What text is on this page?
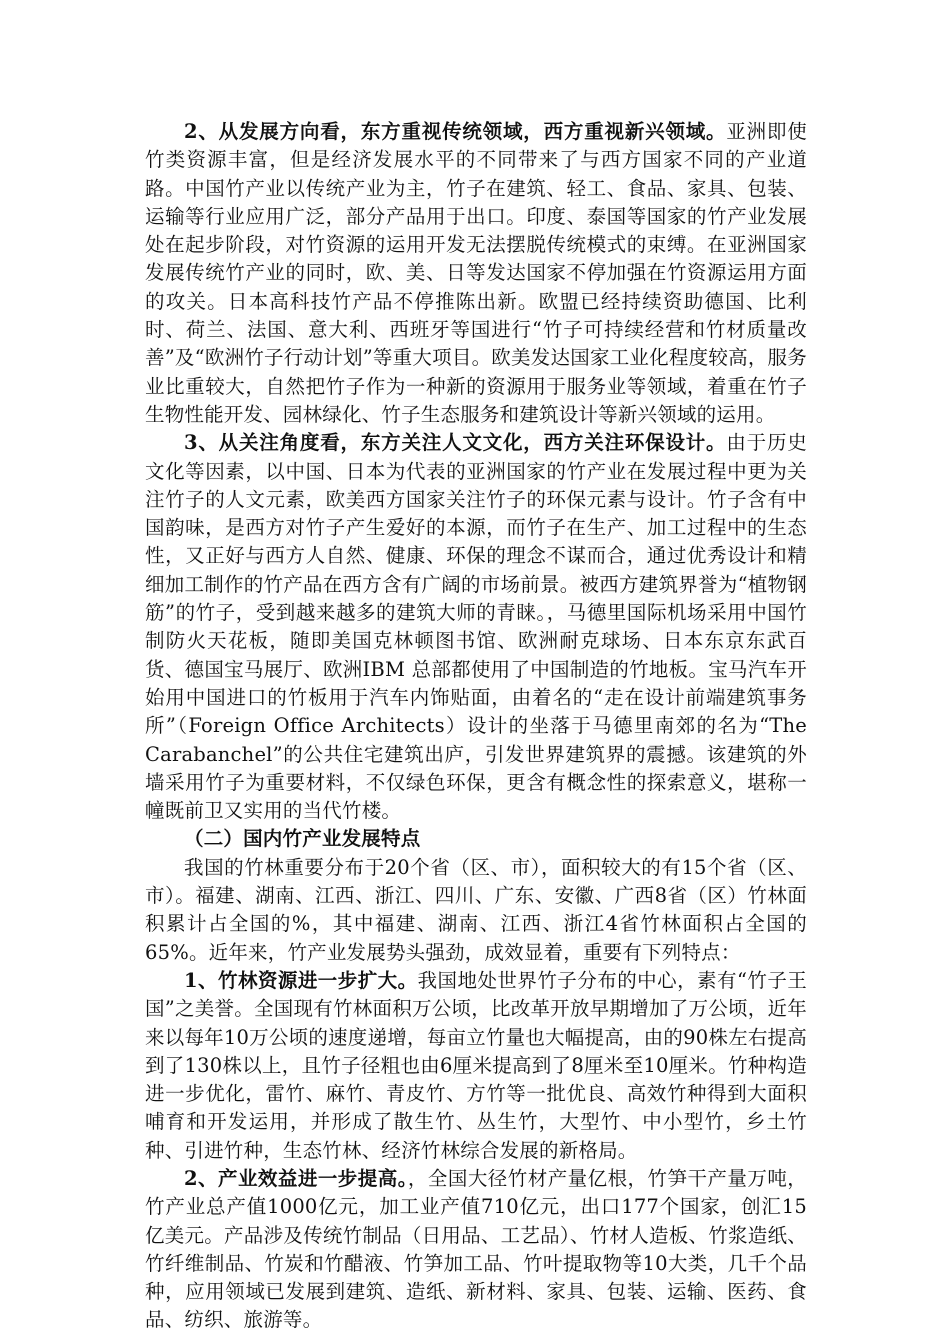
2、从发展方向看，东方重视传统领域，西方重视新兴领域。亚洲即使竹类资源丰富，但是经济发展水平的不同带来了与西方国家不同的产业道路。中国竹产业以传统产业为主，竹子在建筑、轻工、食品、家具、包装、运输等行业应用广泛，部分产品用于出口。印度、泰国等国家的竹产业发展处在起步阶段，对竹资源的运用开发无法摆脱传统模式的束缚。在亚洲国家发展传统竹产业的同时，欧、美、日等发达国家不停加强在竹资源运用方面的攻关。日本高科技竹产品不停推陈出新。欧盟已经持续资助德国、比利时、荷兰、法国、意大利、西班牙等国进行“竹子可持续经营和竹材质量改善”及“欧洲竹子行动计划”等重大项目。欧美发达国家工业化程度较高，服务业比重较大，自然把竹子作为一种新的资源用于服务业等领域，着重在竹子生物性能开发、园林绿化、竹子生态服务和建筑设计等新兴领域的运用。

3、从关注角度看，东方关注人文文化，西方关注环保设计。由于历史文化等因素，以中国、日本为代表的亚洲国家的竹产业在发展过程中更为关注竹子的人文元素，欧美西方国家关注竹子的环保元素与设计。竹子含有中国韵味，是西方对竹子产生爱好的本源，而竹子在生产、加工过程中的生态性，又正好与西方人自然、健康、环保的理念不谋而合，通过优秀设计和精细加工制作的竹产品在西方含有广阔的市场前景。被西方建筑界誉为“植物钢筋”的竹子，受到越来越多的建筑大师的青睐。，马德里国际机场采用中国竹制防火天花板，随即美国克林顿图书馆、欧洲耐克球场、日本东京东武百货、德国宝马展厅、欧洲IBM 总部都使用了中国制造的竹地板。宝马汽车开始用中国进口的竹板用于汽车内饰贴面，由着名的“走在设计前端建筑事务所”（Foreign Office Architects）设计的坐落于马德里南郊的名为“The Carabanchel”的公共住宅建筑出庐，引发世界建筑界的震撼。该建筑的外墙采用竹子为重要材料，不仅绿色环保，更含有概念性的探索意义，堪称一幢既前卫又实用的当代竹楼。

（二）国内竹产业发展特点

我国的竹林重要分布于20个省（区、市），面积较大的有15个省（区、市）。福建、湖南、江西、浙江、四川、广东、安徽、广西8省（区）竹林面积累计占全国的%，其中福建、湖南、江西、浙江4省竹林面积占全国的65%。近年来，竹产业发展势头强劲，成效显着，重要有下列特点：

1、竹林资源进一步扩大。我国地处世界竹子分布的中心，素有“竹子王国”之美誉。全国现有竹林面积万公顷，比改革开放早期增加了万公顷，近年来以每年10万公顷的速度递增，每亩立竹量也大幅提高，由的90株左右提高到了130株以上，且竹子径粗也由6厘米提高到了8厘米至10厘米。竹种构造进一步优化，雷竹、麻竹、青皮竹、方竹等一批优良、高效竹种得到大面积哺育和开发运用，并形成了散生竹、丛生竹，大型竹、中小型竹，乡土竹种、引进竹种，生态竹林、经济竹林综合发展的新格局。

2、产业效益进一步提高。，全国大径竹材产量亿根，竹笋干产量万吨，竹产业总产值1000亿元，加工业产值710亿元，出口177个国家，创汇15亿美元。产品涉及传统竹制品（日用品、工艺品）、竹材人造板、竹浆造纸、竹纤维制品、竹炭和竹醋液、竹笋加工品、竹叶提取物等10大类，几千个品种，应用领域已发展到建筑、造纸、新材料、家具、包装、运输、医药、食品、纺织、旅游等。
